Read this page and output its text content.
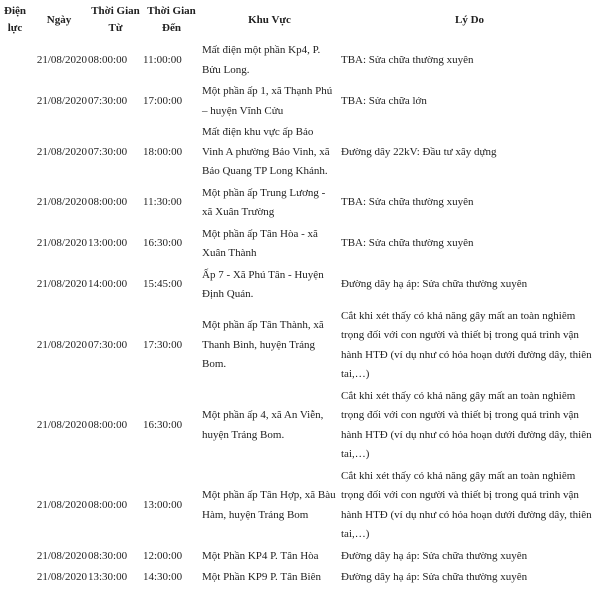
Điện lực	Ngày	Thời Gian Từ	Thời Gian Đến	Khu Vực	Lý Do
	21/08/2020	08:00:00	11:00:00	Mất điện một phần Kp4, P. Bửu Long.	TBA: Sửa chữa thường xuyên
	21/08/2020	07:30:00	17:00:00	Một phần ấp 1, xã Thạnh Phú – huyện Vĩnh Cửu	TBA: Sửa chữa lớn
	21/08/2020	07:30:00	18:00:00	Mất điện khu vực ấp Bảo Vinh A phường Bảo Vinh, xã Bảo Quang TP Long Khánh.	Đường dây 22kV: Đầu tư xây dựng
	21/08/2020	08:00:00	11:30:00	Một phần ấp Trung Lương - xã Xuân Trường	TBA: Sửa chữa thường xuyên
	21/08/2020	13:00:00	16:30:00	Một phần ấp Tân Hòa - xã Xuân Thành	TBA: Sửa chữa thường xuyên
	21/08/2020	14:00:00	15:45:00	Ấp 7 - Xã Phú Tân - Huyện Định Quán.	Đường dây hạ áp: Sửa chữa thường xuyên
	21/08/2020	07:30:00	17:30:00	Một phần ấp Tân Thành, xã Thanh Bình, huyện Trảng Bom.	Cắt khi xét thấy có khả năng gây mất an toàn nghiêm trọng đối với con người và thiết bị trong quá trình vận hành HTĐ (ví dụ như có hỏa hoạn dưới đường dây, thiên tai,…)
	21/08/2020	08:00:00	16:30:00	Một phần ấp 4, xã An Viễn, huyện Trảng Bom.	Cắt khi xét thấy có khả năng gây mất an toàn nghiêm trọng đối với con người và thiết bị trong quá trình vận hành HTĐ (ví dụ như có hỏa hoạn dưới đường dây, thiên tai,…)
	21/08/2020	08:00:00	13:00:00	Một phần ấp Tân Hợp, xã Bàu Hàm, huyện Trảng Bom	Cắt khi xét thấy có khả năng gây mất an toàn nghiêm trọng đối với con người và thiết bị trong quá trình vận hành HTĐ (ví dụ như có hỏa hoạn dưới đường dây, thiên tai,…)
	21/08/2020	08:30:00	12:00:00	Một Phần KP4 P. Tân Hòa	Đường dây hạ áp: Sửa chữa thường xuyên
	21/08/2020	13:30:00	14:30:00	Một Phần KP9 P. Tân Biên	Đường dây hạ áp: Sửa chữa thường xuyên
